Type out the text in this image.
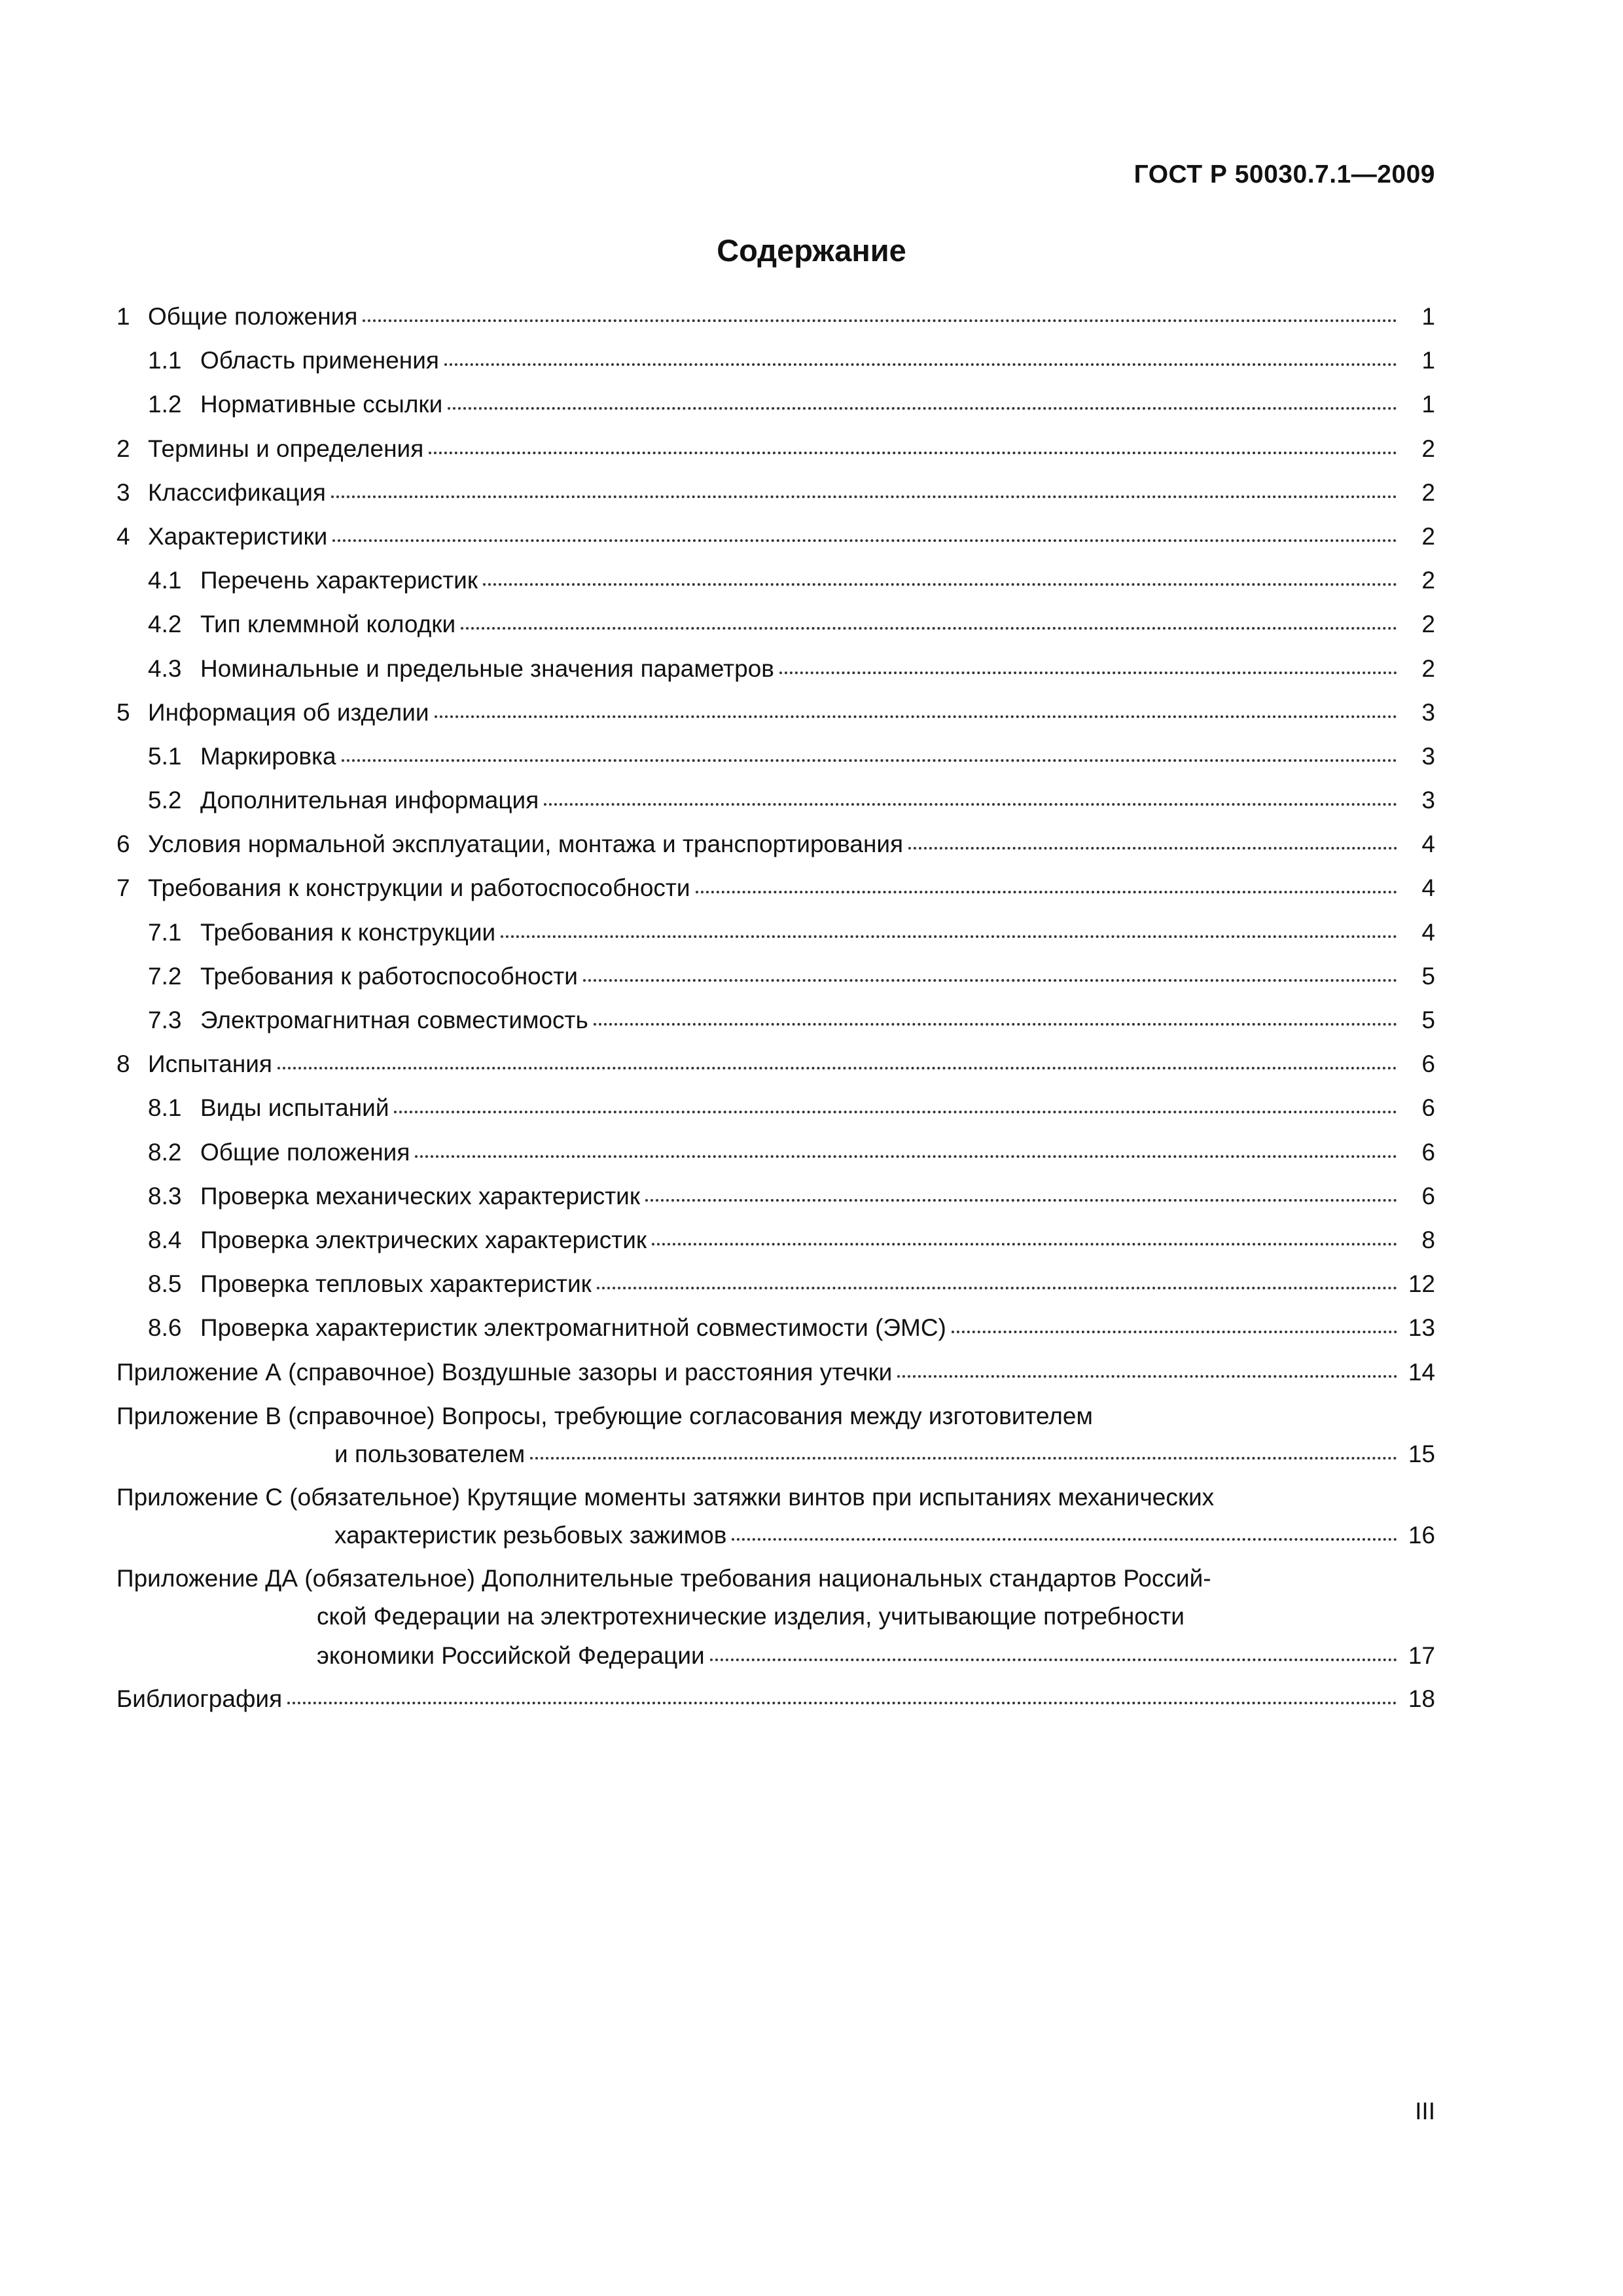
ГОСТ Р 50030.7.1—2009
Содержание
1 Общие положения	1
1.1 Область применения	1
1.2 Нормативные ссылки	1
2 Термины и определения	2
3 Классификация	2
4 Характеристики	2
4.1 Перечень характеристик	2
4.2 Тип клеммной колодки	2
4.3 Номинальные и предельные значения параметров	2
5 Информация об изделии	3
5.1 Маркировка	3
5.2 Дополнительная информация	3
6 Условия нормальной эксплуатации, монтажа и транспортирования	4
7 Требования к конструкции и работоспособности	4
7.1 Требования к конструкции	4
7.2 Требования к работоспособности	5
7.3 Электромагнитная совместимость	5
8 Испытания	6
8.1 Виды испытаний	6
8.2 Общие положения	6
8.3 Проверка механических характеристик	6
8.4 Проверка электрических характеристик	8
8.5 Проверка тепловых характеристик	12
8.6 Проверка характеристик электромагнитной совместимости (ЭМС)	13
Приложение А (справочное) Воздушные зазоры и расстояния утечки	14
Приложение В (справочное) Вопросы, требующие согласования между изготовителем
и пользователем	15
Приложение С (обязательное) Крутящие моменты затяжки винтов при испытаниях механических
характеристик резьбовых зажимов	16
Приложение ДА (обязательное) Дополнительные требования национальных стандартов Россий-
ской Федерации на электротехнические изделия, учитывающие потребности
экономики Российской Федерации	17
Библиография	18
III
